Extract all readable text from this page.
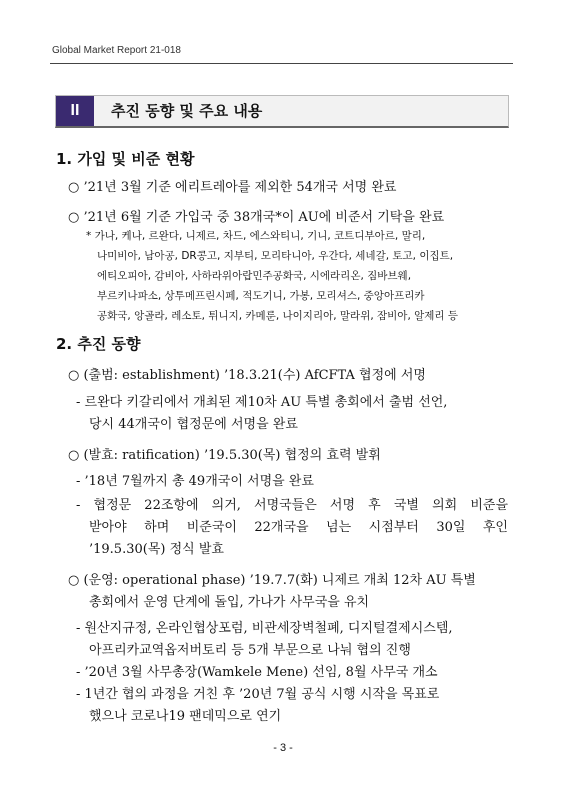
Global Market Report 21-018
II	추진 동향 및 주요 내용
1. 가입 및 비준 현황
○ ’21년 3월 기준 에리트레아를 제외한 54개국 서명 완료
○ ’21년 6월 기준 가입국 중 38개국*이 AU에 비준서 기탁을 완료
* 가나, 케나, 르완다, 니제르, 차드, 에스와티니, 기니, 코트디부아르, 말리,
나미비아, 남아공, DR콩고, 지부티, 모리타니아, 우간다, 세네갈, 토고, 이집트,
에티오피아, 감비아, 사하라위아랍민주공화국, 시에라리온, 짐바브웨,
부르키나파소, 상투메프린시페, 적도기니, 가봉, 모리셔스, 중앙아프리카
공화국, 앙골라, 레소토, 튀니지, 카메룬, 나이지리아, 말라위, 잠비아, 알제리 등
2. 추진 동향
○ (출범: establishment) ’18.3.21(수) AfCFTA 협정에 서명
- 르완다 키갈리에서 개최된 제10차 AU 특별 총회에서 출범 선언,
당시 44개국이 협정문에 서명을 완료
○ (발효: ratification) ’19.5.30(목) 협정의 효력 발휘
- ’18년 7월까지 총 49개국이 서명을 완료
- 협정문 22조항에 의거, 서명국들은 서명 후 국별 의회 비준을
받아야 하며 비준국이 22개국을 넘는 시점부터 30일 후인
’19.5.30(목) 정식 발효
○ (운영: operational phase) ’19.7.7(화) 니제르 개최 12차 AU 특별
총회에서 운영 단계에 돌입, 가나가 사무국을 유치
- 원산지규정, 온라인협상포럼, 비관세장벽철폐, 디지털결제시스템,
아프리카교역옵저버토리 등 5개 부문으로 나눠 협의 진행
- ’20년 3월 사무총장(Wamkele Mene) 선임, 8월 사무국 개소
- 1년간 협의 과정을 거친 후 ’20년 7월 공식 시행 시작을 목표로
했으나 코로나19 팬데믹으로 연기
- 3 -
